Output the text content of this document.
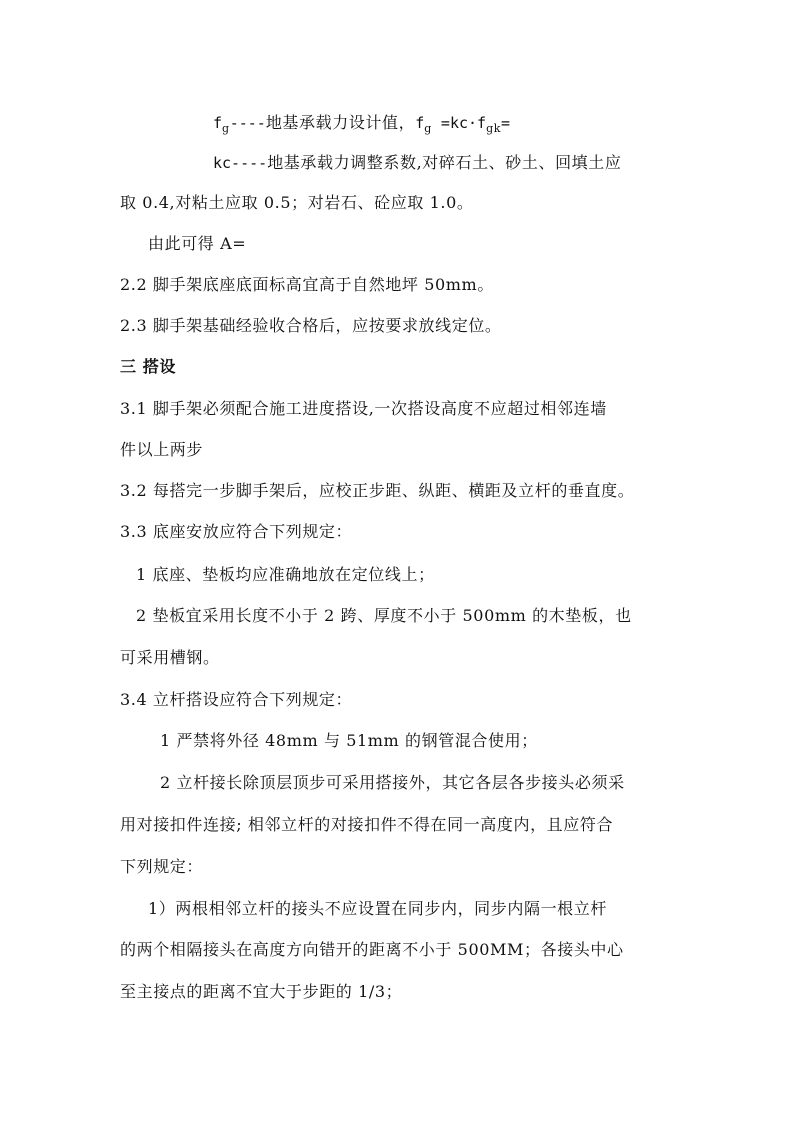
$f_g----$地基承载力设计值，$f_g =kc\cdot f_{gk}=$
kc----地基承载力调整系数,对碎石土、砂土、回填土应
取 0.4,对粘土应取 0.5；对岩石、砼应取 1.0。
由此可得 A=
2.2 脚手架底座底面标高宜高于自然地坪 50mm。
2.3 脚手架基础经验收合格后，应按要求放线定位。
三 搭设
3.1 脚手架必须配合施工进度搭设,一次搭设高度不应超过相邻连墙
件以上两步
3.2 每搭完一步脚手架后，应校正步距、纵距、横距及立杆的垂直度。
3.3 底座安放应符合下列规定：
1 底座、垫板均应准确地放在定位线上；
2 垫板宜采用长度不小于 2 跨、厚度不小于 500mm 的木垫板，也
可采用槽钢。
3.4 立杆搭设应符合下列规定：
1 严禁将外径 48mm 与 51mm 的钢管混合使用；
2 立杆接长除顶层顶步可采用搭接外，其它各层各步接头必须采
用对接扣件连接; 相邻立杆的对接扣件不得在同一高度内，且应符合
下列规定：
1）两根相邻立杆的接头不应设置在同步内，同步内隔一根立杆
的两个相隔接头在高度方向错开的距离不小于 500MM；各接头中心
至主接点的距离不宜大于步距的 1/3；
